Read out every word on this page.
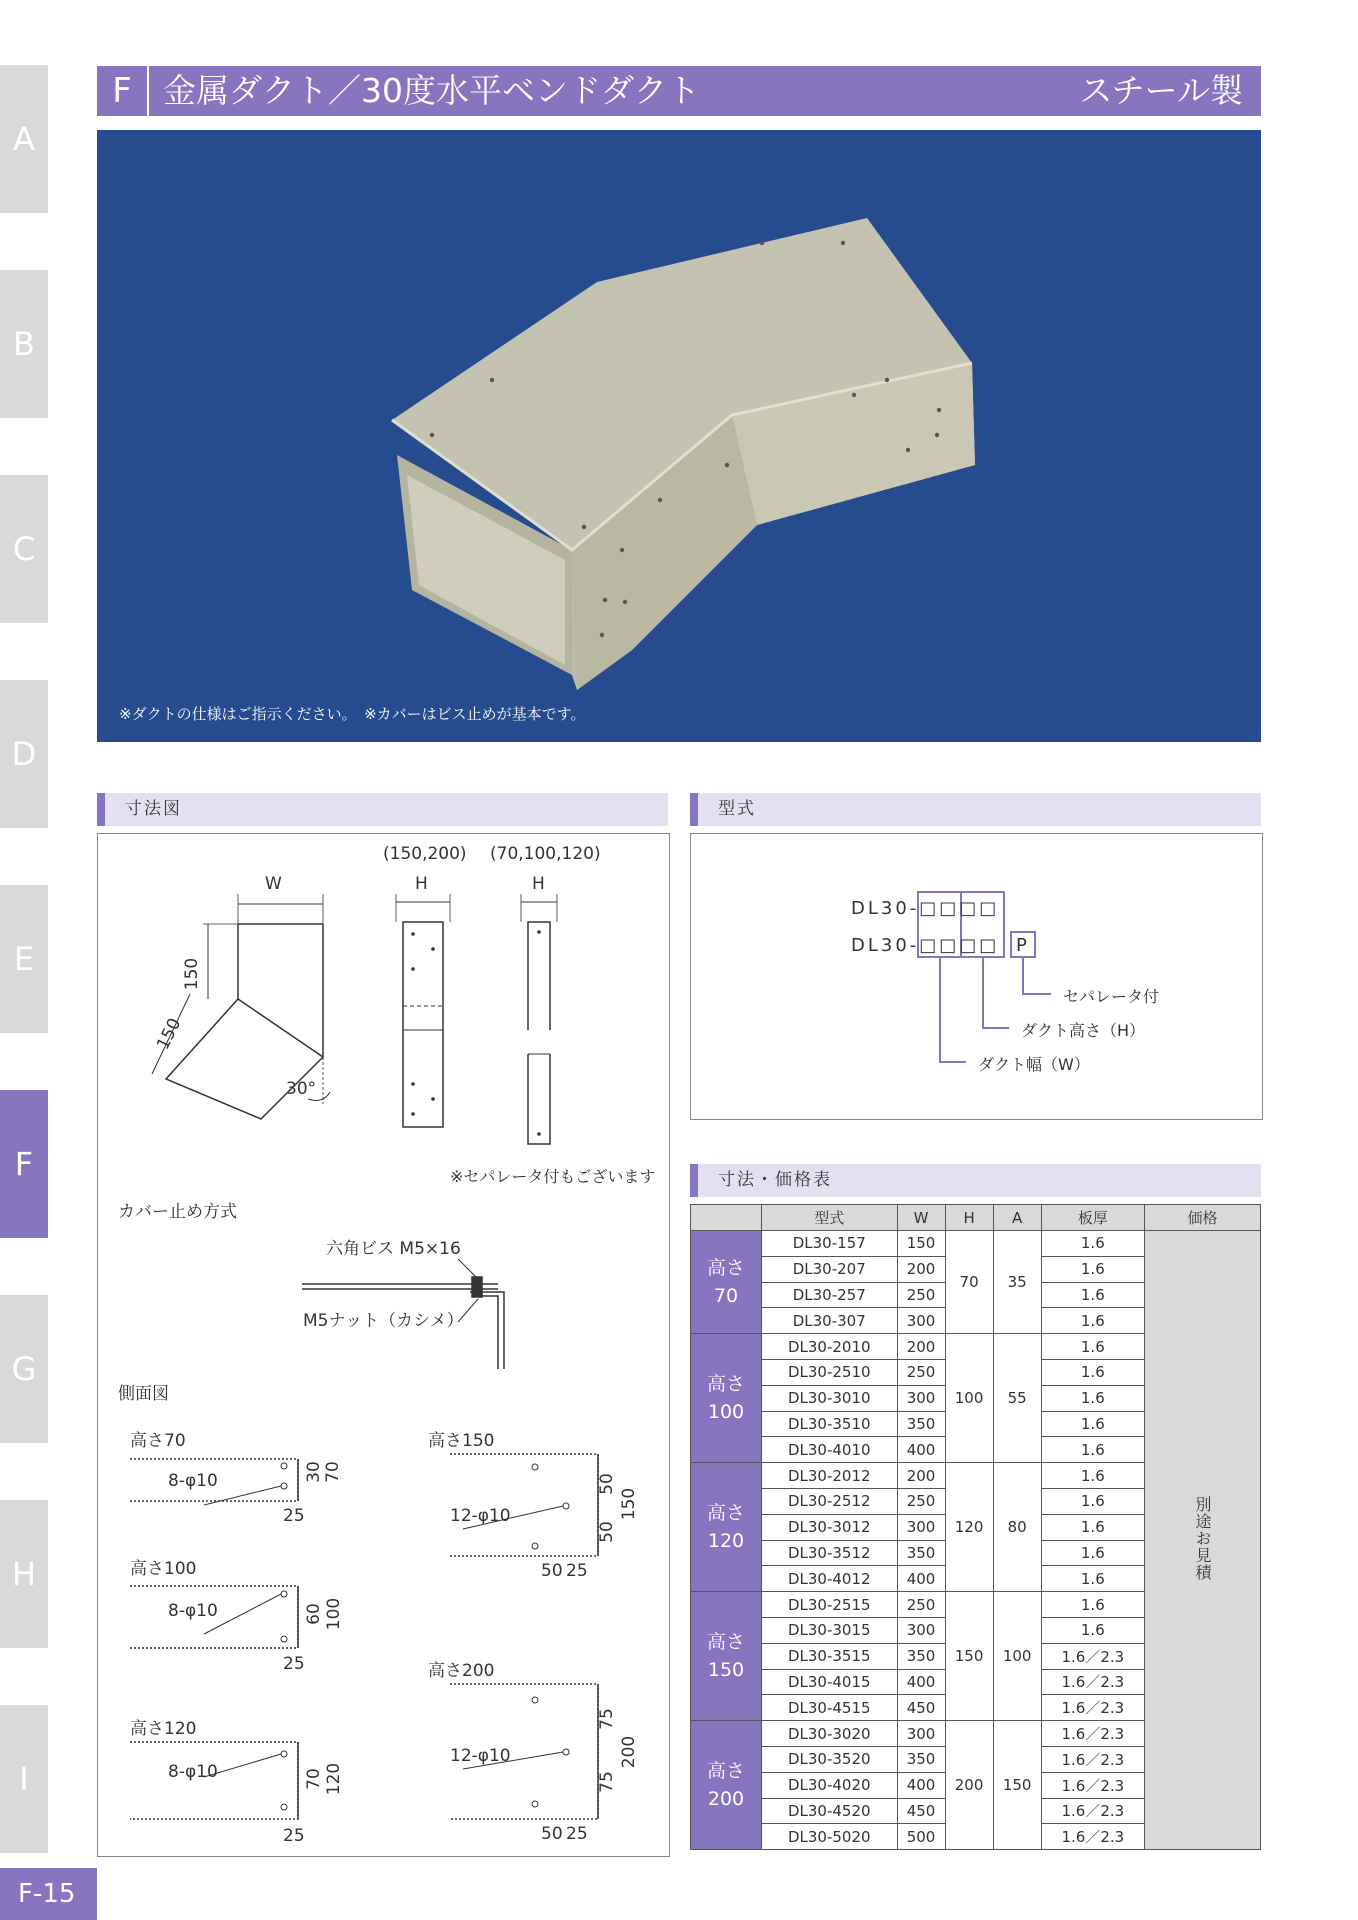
A
B
C
D
E
F
G
H
I
F 金属ダクト／30度水平ベンドダクト	スチール製
※ダクトの仕様はご指示ください。　※カバーはビス止めが基本です。
寸法図	型式
寸法・価格表
W
(150,200) (70,100,120)
H	H
150
150
30°
※セパレータ付もございます
カバー止め方式
六角ビス M5×16
M5ナット（カシメ）
側面図
高さ70
8-φ10	30 70
25
高さ100
8-φ10	60 100
25
高さ120
8-φ10	70 120
25
高さ150
12-φ10
50
50
150
50 25
高さ200
12-φ10
75
75
200
50 25
DL30-□□□□
DL30-□□□□ P
セパレータ付
ダクト高さ（H）
ダクト幅（W）
	型式	W	H	A	板厚	価格
高さ
70	DL30-157	150	70	35	1.6	別途お見積
	DL30-207	200			1.6	
	DL30-257	250			1.6	
	DL30-307	300			1.6	
高さ
100	DL30-2010	200	100	55	1.6	
	DL30-2510	250			1.6	
	DL30-3010	300			1.6	
	DL30-3510	350			1.6	
	DL30-4010	400			1.6	
高さ
120	DL30-2012	200	120	80	1.6	
	DL30-2512	250			1.6	
	DL30-3012	300			1.6	
	DL30-3512	350			1.6	
	DL30-4012	400			1.6	
高さ
150	DL30-2515	250	150	100	1.6	
	DL30-3015	300			1.6	
	DL30-3515	350			1.6／2.3	
	DL30-4015	400			1.6／2.3	
	DL30-4515	450			1.6／2.3	
高さ
200	DL30-3020	300	200	150	1.6／2.3	
	DL30-3520	350			1.6／2.3	
	DL30-4020	400			1.6／2.3	
	DL30-4520	450			1.6／2.3	
	DL30-5020	500			1.6／2.3	
F-15
